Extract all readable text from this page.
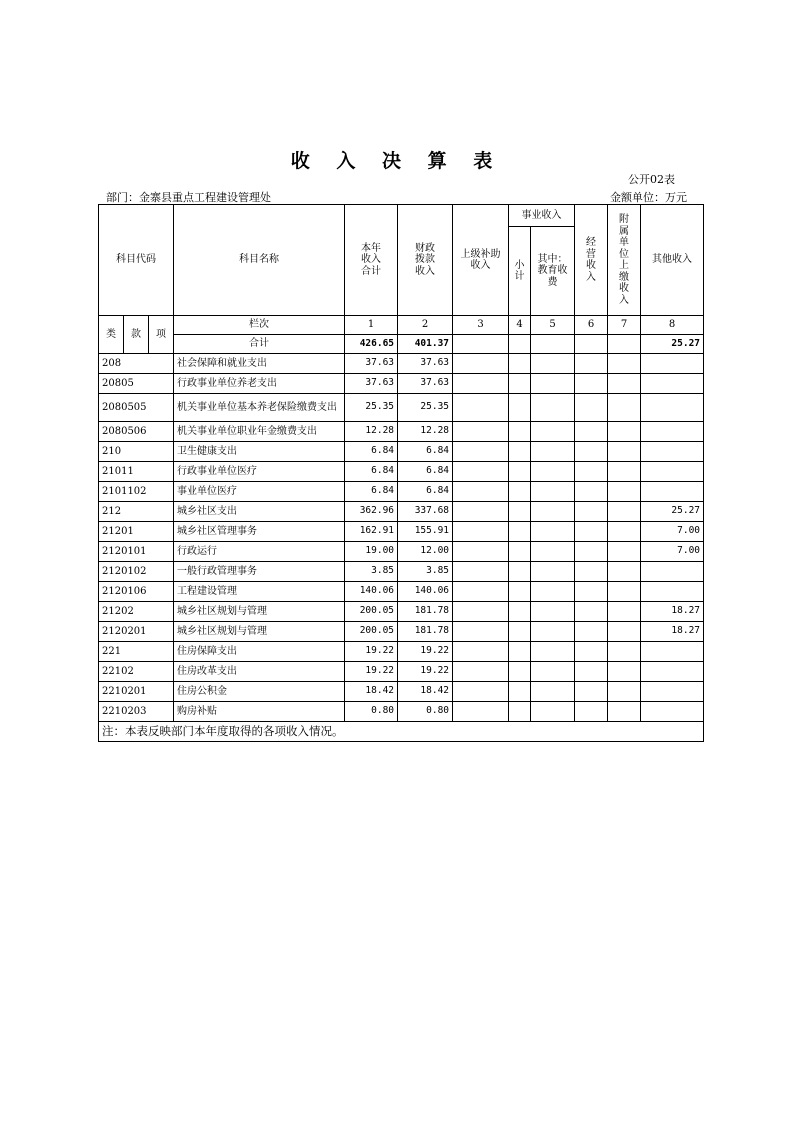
收 入 决 算 表
公开02表
部门：金寨县重点工程建设管理处	金额单位：万元
科目代码			科目名称	本年收入合计	财政拨款收入	上级补助收入	事业收入		经营收入	附属单位上缴收入	其他收入

							小计	其中：教育收费			

类	款	项	栏次	1	2	3	4	5	6	7	8
			合计	426.65	401.37						25.27
208			社会保障和就业支出	37.63	37.63						
20805			行政事业单位养老支出	37.63	37.63						
2080505			机关事业单位基本养老保险缴费支出	25.35	25.35						
2080506			机关事业单位职业年金缴费支出	12.28	12.28						
210			卫生健康支出	6.84	6.84						
21011			行政事业单位医疗	6.84	6.84						
2101102			事业单位医疗	6.84	6.84						
212			城乡社区支出	362.96	337.68						25.27
21201			城乡社区管理事务	162.91	155.91						7.00
2120101			行政运行	19.00	12.00						7.00
2120102			一般行政管理事务	3.85	3.85						
2120106			工程建设管理	140.06	140.06						
21202			城乡社区规划与管理	200.05	181.78						18.27
2120201			城乡社区规划与管理	200.05	181.78						18.27
221			住房保障支出	19.22	19.22						
22102			住房改革支出	19.22	19.22						
2210201			住房公积金	18.42	18.42						
2210203			购房补贴	0.80	0.80						
注：本表反映部门本年度取得的各项收入情况。											
